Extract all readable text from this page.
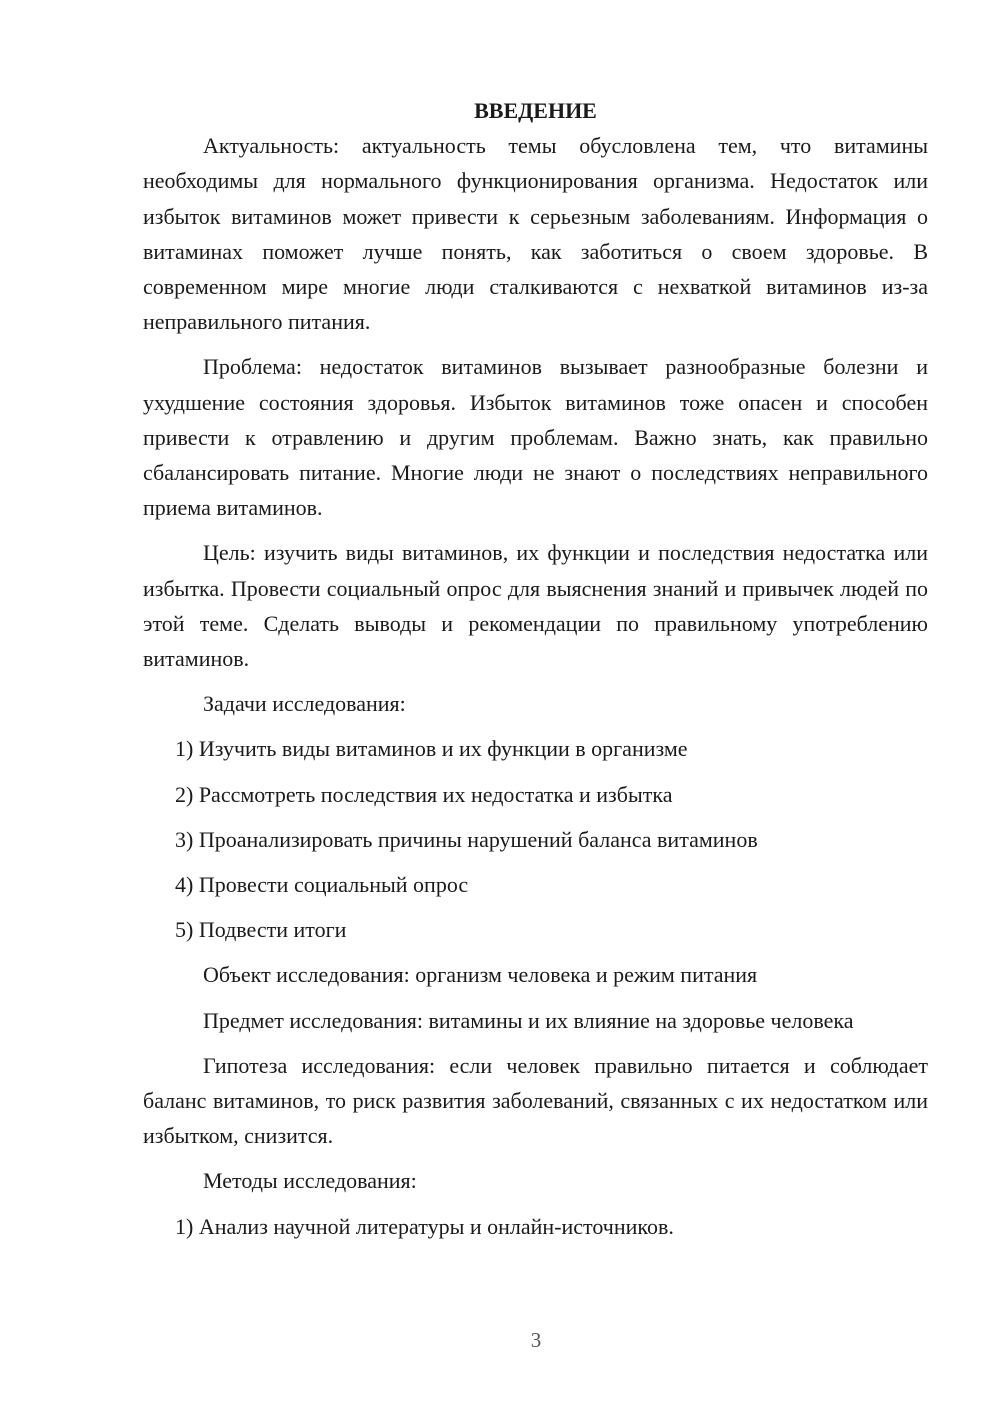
ВВЕДЕНИЕ

Актуальность: актуальность темы обусловлена тем, что витамины необходимы для нормального функционирования организма. Недостаток или избыток витаминов может привести к серьезным заболеваниям. Информация о витаминах поможет лучше понять, как заботиться о своем здоровье. В современном мире многие люди сталкиваются с нехваткой витаминов из-за неправильного питания.

Проблема: недостаток витаминов вызывает разнообразные болезни и ухудшение состояния здоровья. Избыток витаминов тоже опасен и способен привести к отравлению и другим проблемам. Важно знать, как правильно сбалансировать питание. Многие люди не знают о последствиях неправильного приема витаминов.

Цель: изучить виды витаминов, их функции и последствия недостатка или избытка. Провести социальный опрос для выяснения знаний и привычек людей по этой теме. Сделать выводы и рекомендации по правильному употреблению витаминов.

Задачи исследования:

1) Изучить виды витаминов и их функции в организме

2) Рассмотреть последствия их недостатка и избытка

3) Проанализировать причины нарушений баланса витаминов

4) Провести социальный опрос

5) Подвести итоги

Объект исследования: организм человека и режим питания

Предмет исследования: витамины и их влияние на здоровье человека

Гипотеза исследования: если человек правильно питается и соблюдает баланс витаминов, то риск развития заболеваний, связанных с их недостатком или избытком, снизится.

Методы исследования:

1) Анализ научной литературы и онлайн-источников.

3
